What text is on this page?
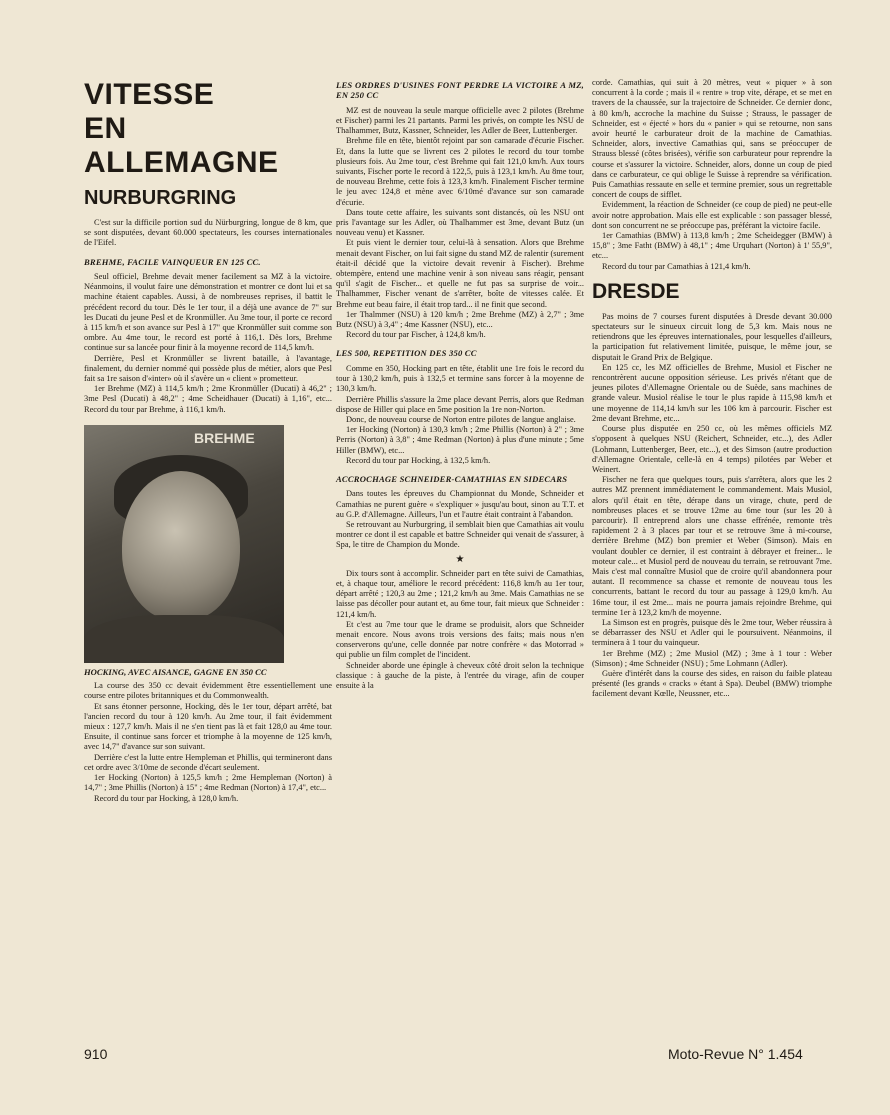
VITESSE
EN
ALLEMAGNE
NURBURGRING

C'est sur la difficile portion sud du Nürburgring, longue de 8 km, que se sont disputées, devant 60.000 spectateurs, les courses internationales de l'Eifel.

BREHME, FACILE VAINQUEUR EN 125 CC.

Seul officiel, Brehme devait mener facilement sa MZ à la victoire. Néanmoins, il voulut faire une démonstration et montrer ce dont lui et sa machine étaient capables. Aussi, à de nombreuses reprises, il battit le précédent record du tour. Dès le 1er tour, il a déjà une avance de 7" sur les Ducati du jeune Pesl et de Kronmüller. Au 3me tour, il porte ce record à 115 km/h et son avance sur Pesl à 17" que Kronmüller suit comme son ombre. Au 4me tour, le record est porté à 116,1. Dès lors, Brehme continue sur sa lancée pour finir à la moyenne record de 114,5 km/h.

Derrière, Pesl et Kronmüller se livrent bataille, à l'avantage, finalement, du dernier nommé qui possède plus de métier, alors que Pesl fait sa 1re saison d'«inter» où il s'avère un « client » prometteur.

1er Brehme (MZ) à 114,5 km/h ; 2me Kronmüller (Ducati) à 46,2" ; 3me Pesl (Ducati) à 48,2" ; 4me Scheidhauer (Ducati) à 1,16", etc... Record du tour par Brehme, à 116,1 km/h.

BREHME
HOCKING, AVEC AISANCE, GAGNE EN 350 CC

La course des 350 cc devait évidemment être essentiellement une course entre pilotes britanniques et du Commonwealth.

Et sans étonner personne, Hocking, dès le 1er tour, départ arrêté, bat l'ancien record du tour à 120 km/h. Au 2me tour, il fait évidemment mieux : 127,7 km/h. Mais il ne s'en tient pas là et fait 128,0 au 4me tour. Ensuite, il continue sans forcer et triomphe à la moyenne de 125 km/h, avec 14,7" d'avance sur son suivant.

Derrière c'est la lutte entre Hempleman et Phillis, qui termineront dans cet ordre avec 3/10me de seconde d'écart seulement.

1er Hocking (Norton) à 125,5 km/h ; 2me Hempleman (Norton) à 14,7" ; 3me Phillis (Norton) à 15" ; 4me Redman (Norton) à 17,4", etc...

Record du tour par Hocking, à 128,0 km/h.

LES ORDRES D'USINES FONT PERDRE LA VICTOIRE A MZ, EN 250 CC

MZ est de nouveau la seule marque officielle avec 2 pilotes (Brehme et Fischer) parmi les 21 partants. Parmi les privés, on compte les NSU de Thalhammer, Butz, Kassner, Schneider, les Adler de Beer, Luttenberger.

Brehme file en tête, bientôt rejoint par son camarade d'écurie Fischer. Et, dans la lutte que se livrent ces 2 pilotes le record du tour tombe plusieurs fois. Au 2me tour, c'est Brehme qui fait 121,0 km/h. Aux tours suivants, Fischer porte le record à 122,5, puis à 123,1 km/h. Au 8me tour, de nouveau Brehme, cette fois à 123,3 km/h. Finalement Fischer termine le jeu avec 124,8 et mène avec 6/10mé d'avance sur son camarade d'écurie.

Dans toute cette affaire, les suivants sont distancés, où les NSU ont pris l'avantage sur les Adler, où Thalhammer est 3me, devant Butz (un nouveau venu) et Kassner.

Et puis vient le dernier tour, celui-là à sensation. Alors que Brehme menait devant Fischer, on lui fait signe du stand MZ de ralentir (surement était-il décidé que la victoire devait revenir à Fischer). Brehme obtempère, entend une machine venir à son niveau sans réagir, pensant qu'il s'agit de Fischer... et quelle ne fut pas sa surprise de voir... Thalhammer, Fischer venant de s'arrêter, boîte de vitesses calée. Et Brehme eut beau faire, il était trop tard... il ne finit que second.

1er Thalmmer (NSU) à 120 km/h ; 2me Brehme (MZ) à 2,7" ; 3me Butz (NSU) à 3,4" ; 4me Kassner (NSU), etc...

Record du tour par Fischer, à 124,8 km/h.

LES 500, REPETITION DES 350 CC

Comme en 350, Hocking part en tête, établit une 1re fois le record du tour à 130,2 km/h, puis à 132,5 et termine sans forcer à la moyenne de 130,3 km/h.

Derrière Phillis s'assure la 2me place devant Perris, alors que Redman dispose de Hiller qui place en 5me position la 1re non-Norton.

Donc, de nouveau course de Norton entre pilotes de langue anglaise.

1er Hocking (Norton) à 130,3 km/h ; 2me Phillis (Norton) à 2" ; 3me Perris (Norton) à 3,8" ; 4me Redman (Norton) à plus d'une minute ; 5me Hiller (BMW), etc...

Record du tour par Hocking, à 132,5 km/h.

ACCROCHAGE SCHNEIDER-CAMATHIAS EN SIDECARS

Dans toutes les épreuves du Championnat du Monde, Schneider et Camathias ne purent guère « s'expliquer » jusqu'au bout, sinon au T.T. et au G.P. d'Allemagne. Ailleurs, l'un et l'autre était contraint à l'abandon.

Se retrouvant au Nurburgring, il semblait bien que Camathias ait voulu montrer ce dont il est capable et battre Schneider qui venait de s'assurer, à Spa, le titre de Champion du Monde.

★

Dix tours sont à accomplir. Schneider part en tête suivi de Camathias, et, à chaque tour, améliore le record précédent: 116,8 km/h au 1er tour, départ arrêté ; 120,3 au 2me ; 121,2 km/h au 3me. Mais Camathias ne se laisse pas décoller pour autant et, au 6me tour, fait mieux que Schneider : 121,4 km/h.

Et c'est au 7me tour que le drame se produisit, alors que Schneider menait encore. Nous avons trois versions des faits; mais nous n'en conserverons qu'une, celle donnée par notre confrère « das Motorrad » qui publie un film complet de l'incident.

Schneider aborde une épingle à cheveux côté droit selon la technique classique : à gauche de la piste, à l'entrée du virage, afin de couper ensuite à la

corde. Camathias, qui suit à 20 mètres, veut « piquer » à son concurrent à la corde ; mais il « rentre » trop vite, dérape, et se met en travers de la chaussée, sur la trajectoire de Schneider. Ce dernier donc, à 80 km/h, accroche la machine du Suisse ; Strauss, le passager de Schneider, est « éjecté » hors du « panier » qui se retourne, non sans avoir heurté le carburateur droit de la machine de Camathias. Schneider, alors, invective Camathias qui, sans se préoccuper de Strauss blessé (côtes brisées), vérifie son carburateur pour reprendre la course et s'assurer la victoire. Schneider, alors, donne un coup de pied dans ce carburateur, ce qui oblige le Suisse à reprendre sa vérification. Puis Camathias ressaute en selle et termine premier, sous un regrettable concert de coups de sifflet.

Evidemment, la réaction de Schneider (ce coup de pied) ne peut-elle avoir notre approbation. Mais elle est explicable : son passager blessé, dont son concurrent ne se préoccupe pas, préférant la victoire facile.

1er Camathias (BMW) à 113,8 km/h ; 2me Scheidegger (BMW) à 15,8" ; 3me Fatht (BMW) à 48,1" ; 4me Urquhart (Norton) à 1' 55,9", etc...

Record du tour par Camathias à 121,4 km/h.

DRESDE

Pas moins de 7 courses furent disputées à Dresde devant 30.000 spectateurs sur le sinueux circuit long de 5,3 km. Mais nous ne retiendrons que les épreuves internationales, pour lesquelles d'ailleurs, la participation fut relativement limitée, puisque, le même jour, se disputait le Grand Prix de Belgique.

En 125 cc, les MZ officielles de Brehme, Musiol et Fischer ne rencontrèrent aucune opposition sérieuse. Les privés n'étant que de jeunes pilotes d'Allemagne Orientale ou de Suède, sans machines de grande valeur. Musiol réalise le tour le plus rapide à 115,98 km/h et une moyenne de 114,14 km/h sur les 106 km à parcourir. Fischer est 2me devant Brehme, etc...

Course plus disputée en 250 cc, où les mêmes officiels MZ s'opposent à quelques NSU (Reichert, Schneider, etc...), des Adler (Lohmann, Luttenberger, Beer, etc...), et des Simson (autre production d'Allemagne Orientale, celle-là en 4 temps) pilotées par Weber et Weinert.

Fischer ne fera que quelques tours, puis s'arrêtera, alors que les 2 autres MZ prennent immédiatement le commandement. Mais Musiol, alors qu'il était en tête, dérape dans un virage, chute, perd de nombreuses places et se trouve 12me au 6me tour (sur les 20 à parcourir). Il entreprend alors une chasse effrénée, remonte très rapidement 2 à 3 places par tour et se retrouve 3me à mi-course, derrière Brehme (MZ) bon premier et Weber (Simson). Mais en voulant doubler ce dernier, il est contraint à débrayer et freiner... le moteur cale... et Musiol perd de nouveau du terrain, se retrouvant 7me. Mais c'est mal connaître Musiol que de croire qu'il abandonnera pour autant. Il recommence sa chasse et remonte de nouveau tous les concurrents, battant le record du tour au passage à 129,0 km/h. Au 16me tour, il est 2me... mais ne pourra jamais rejoindre Brehme, qui termine 1er à 123,2 km/h de moyenne.

La Simson est en progrès, puisque dès le 2me tour, Weber réussira à se débarrasser des NSU et Adler qui le poursuivent. Néanmoins, il terminera à 1 tour du vainqueur.

1er Brehme (MZ) ; 2me Musiol (MZ) ; 3me à 1 tour : Weber (Simson) ; 4me Schneider (NSU) ; 5me Lohmann (Adler).

Guère d'intérêt dans la course des sides, en raison du faible plateau présenté (les grands « cracks » étant à Spa). Deubel (BMW) triomphe facilement devant Kœlle, Neussner, etc...

910	Moto-Revue N° 1.454
